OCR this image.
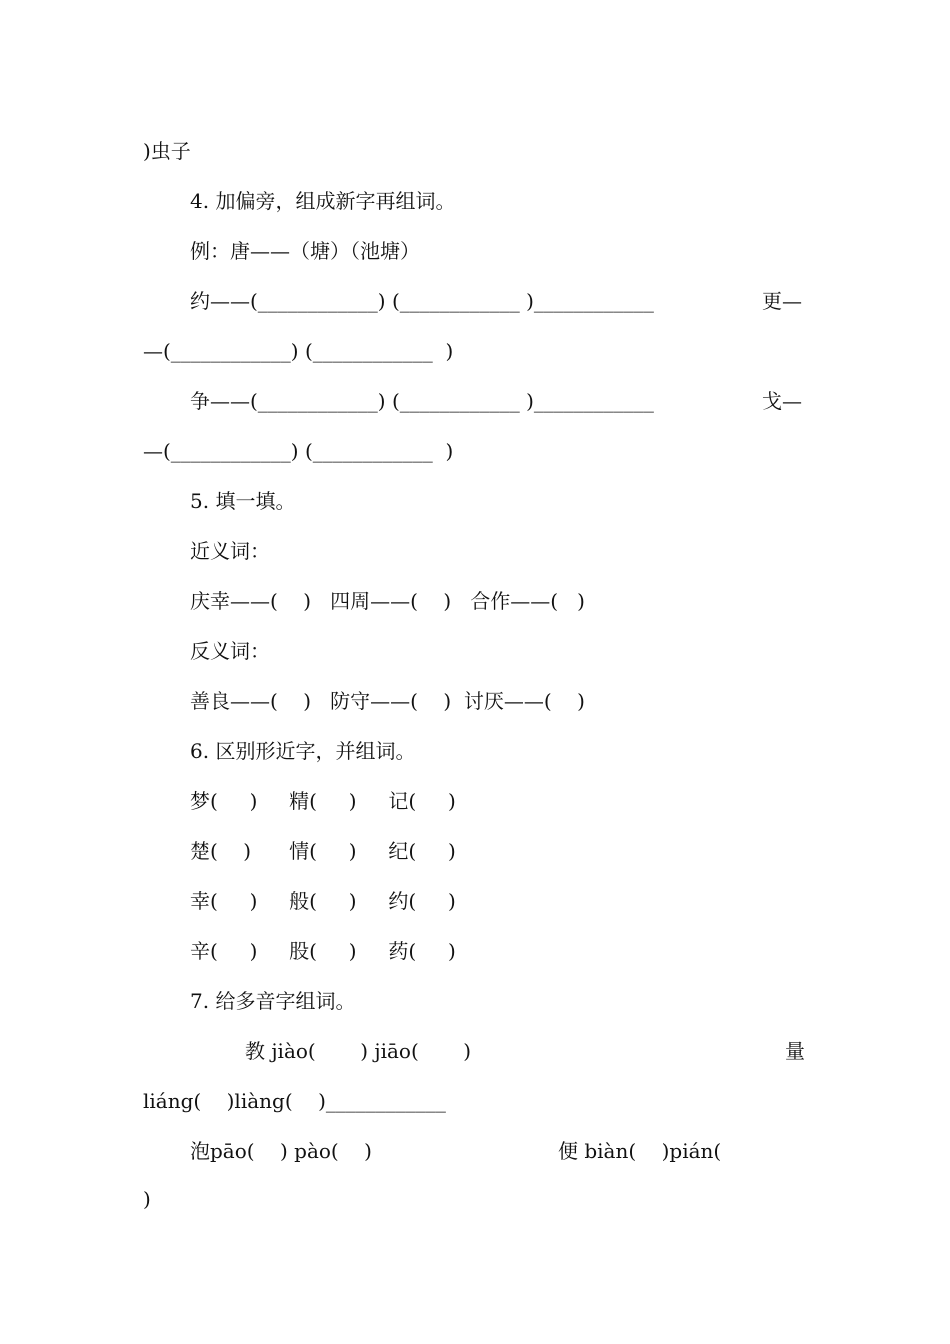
)虫子
4. 加偏旁，组成新字再组词。
例：唐——（塘）（池塘）
约——(____________) (____________ )____________	更—
—(____________) (____________  )
争——(____________) (____________ )____________	戈—
—(____________) (____________  )
5. 填一填。
近义词：
庆幸——(    )   四周——(    )   合作——(   )
反义词：
善良——(    )   防守——(    )  讨厌——(    )
6. 区别形近字，并组词。
梦(     )     精(     )     记(     )
楚(    )      情(     )     纪(     )
幸(     )     般(     )     约(     )
辛(     )     股(     )     药(     )
7. 给多音字组词。
教 jiào(       ) jiāo(       )	量
liáng(    )liàng(    )____________
泡pāo(    ) pào(    )	便 biàn(    )pián(
)
